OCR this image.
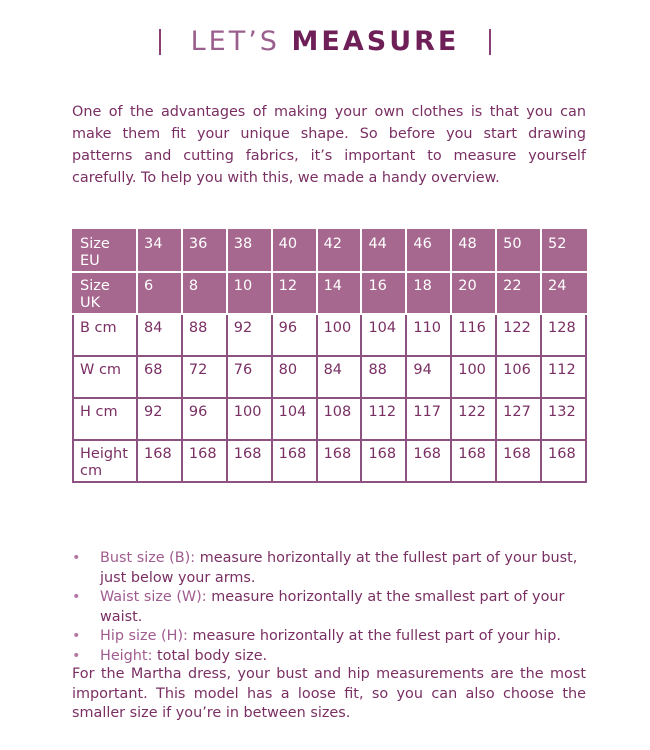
LET’S MEASURE

One of the advantages of making your own clothes is that you can make them fit your unique shape. So before you start drawing patterns and cutting fabrics, it’s important to measure yourself carefully. To help you with this, we made a handy overview.

Size EU	34	36	38	40	42	44	46	48	50	52
Size UK	6	8	10	12	14	16	18	20	22	24
B cm	84	88	92	96	100	104	110	116	122	128
W cm	68	72	76	80	84	88	94	100	106	112
H cm	92	96	100	104	108	112	117	122	127	132
Height cm	168	168	168	168	168	168	168	168	168	168
• Bust size (B): measure horizontally at the fullest part of your bust, just below your arms.
• Waist size (W): measure horizontally at the smallest part of your waist.
• Hip size (H): measure horizontally at the fullest part of your hip.
• Height: total body size.

For the Martha dress, your bust and hip measurements are the most important. This model has a loose fit, so you can also choose the smaller size if you’re in between sizes.
